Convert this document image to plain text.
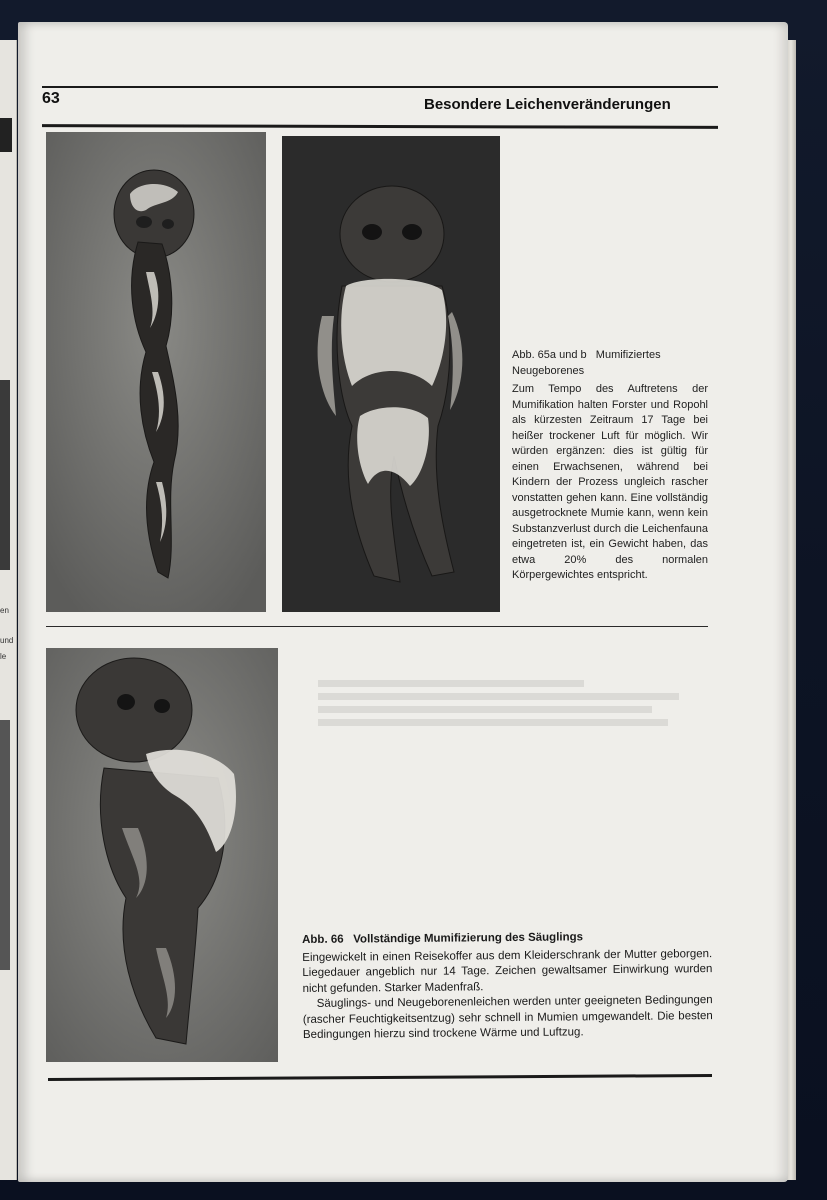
en
und
le
63	Besondere Leichenveränderungen
Abb. 65a und b Mumifiziertes Neugeborenes

Zum Tempo des Auftretens der Mumifikation halten Forster und Ropohl als kürzesten Zeitraum 17 Tage bei heißer trockener Luft für möglich. Wir würden ergänzen: dies ist gültig für einen Erwachsenen, während bei Kindern der Prozess ungleich rascher vonstatten gehen kann. Eine vollständig ausgetrocknete Mumie kann, wenn kein Substanzverlust durch die Leichenfauna eingetreten ist, ein Gewicht haben, das etwa 20% des normalen Körpergewichtes entspricht.

Abb. 66 Vollständige Mumifizierung des Säuglings

Eingewickelt in einen Reisekoffer aus dem Kleiderschrank der Mutter geborgen. Liegedauer angeblich nur 14 Tage. Zeichen gewaltsamer Einwirkung wurden nicht gefunden. Starker Madenfraß.

Säuglings- und Neugeborenenleichen werden unter geeigneten Bedingungen (rascher Feuchtigkeitsentzug) sehr schnell in Mumien umgewandelt. Die besten Bedingungen hierzu sind trockene Wärme und Luftzug.
